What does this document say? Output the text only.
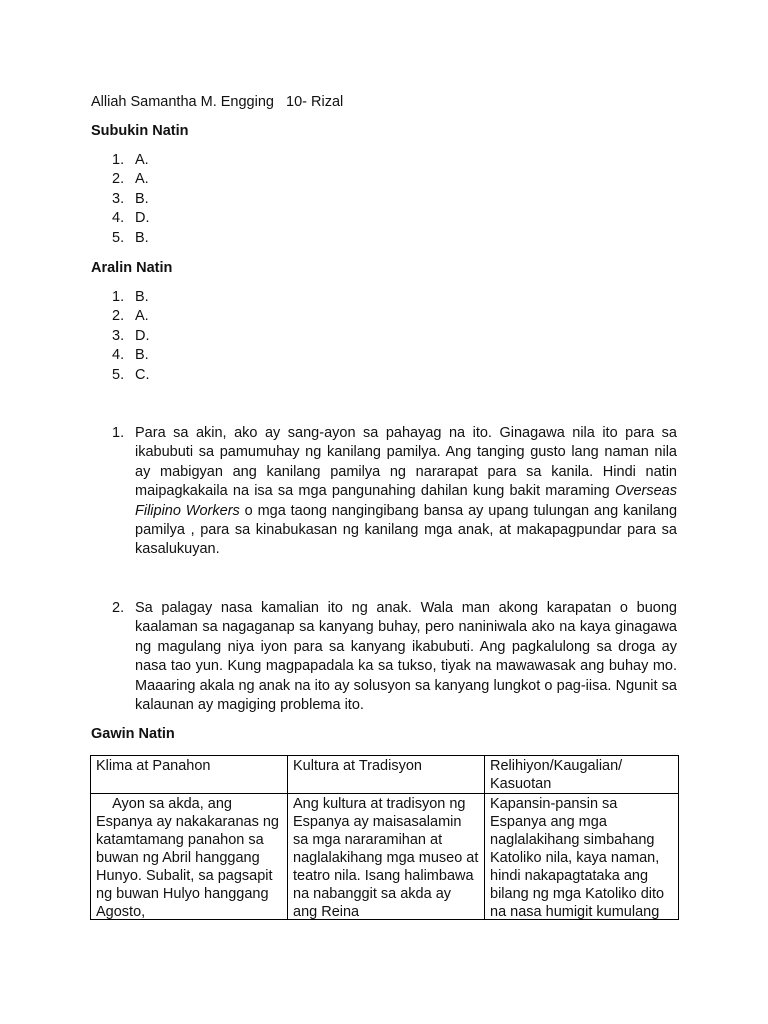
Alliah Samantha M. Engging   10- Rizal
Subukin Natin
1. A.
2. A.
3. B.
4. D.
5. B.
Aralin Natin
1. B.
2. A.
3. D.
4. B.
5. C.
1. Para sa akin, ako ay sang-ayon sa pahayag na ito. Ginagawa nila ito para sa ikabubuti sa pamumuhay ng kanilang pamilya. Ang tanging gusto lang naman nila ay mabigyan ang kanilang pamilya ng nararapat para sa kanila. Hindi natin maipagkakaila na isa sa mga pangunahing dahilan kung bakit maraming Overseas Filipino Workers o mga taong nangingibang bansa ay upang tulungan ang kanilang pamilya , para sa kinabukasan ng kanilang mga anak, at makapagpundar para sa kasalukuyan.
2. Sa palagay nasa kamalian ito ng anak. Wala man akong karapatan o buong kaalaman sa nagaganap sa kanyang buhay, pero naniniwala ako na kaya ginagawa ng magulang niya iyon para sa kanyang ikabubuti. Ang pagkalulong sa droga ay nasa tao yun. Kung magpapadala ka sa tukso, tiyak na mawawasak ang buhay mo. Maaaring akala ng anak na ito ay solusyon sa kanyang lungkot o pag-iisa. Ngunit sa kalaunan ay magiging problema ito.
Gawin Natin
Klima at Panahon	Kultura at Tradisyon	Relihiyon/Kaugalian/ Kasuotan

Ayon sa akda, ang Espanya ay nakakaranas ng katamtamang panahon sa buwan ng Abril hanggang Hunyo. Subalit, sa pagsapit ng buwan Hulyo hanggang Agosto,	Ang kultura at tradisyon ng Espanya ay maisasalamin sa mga nararamihan at naglalakihang mga museo at teatro nila. Isang halimbawa na nabanggit sa akda ay ang Reina	Kapansin-pansin sa Espanya ang mga naglalakihang simbahang Katoliko nila, kaya naman, hindi nakapagtataka ang bilang ng mga Katoliko dito na nasa humigit kumulang
